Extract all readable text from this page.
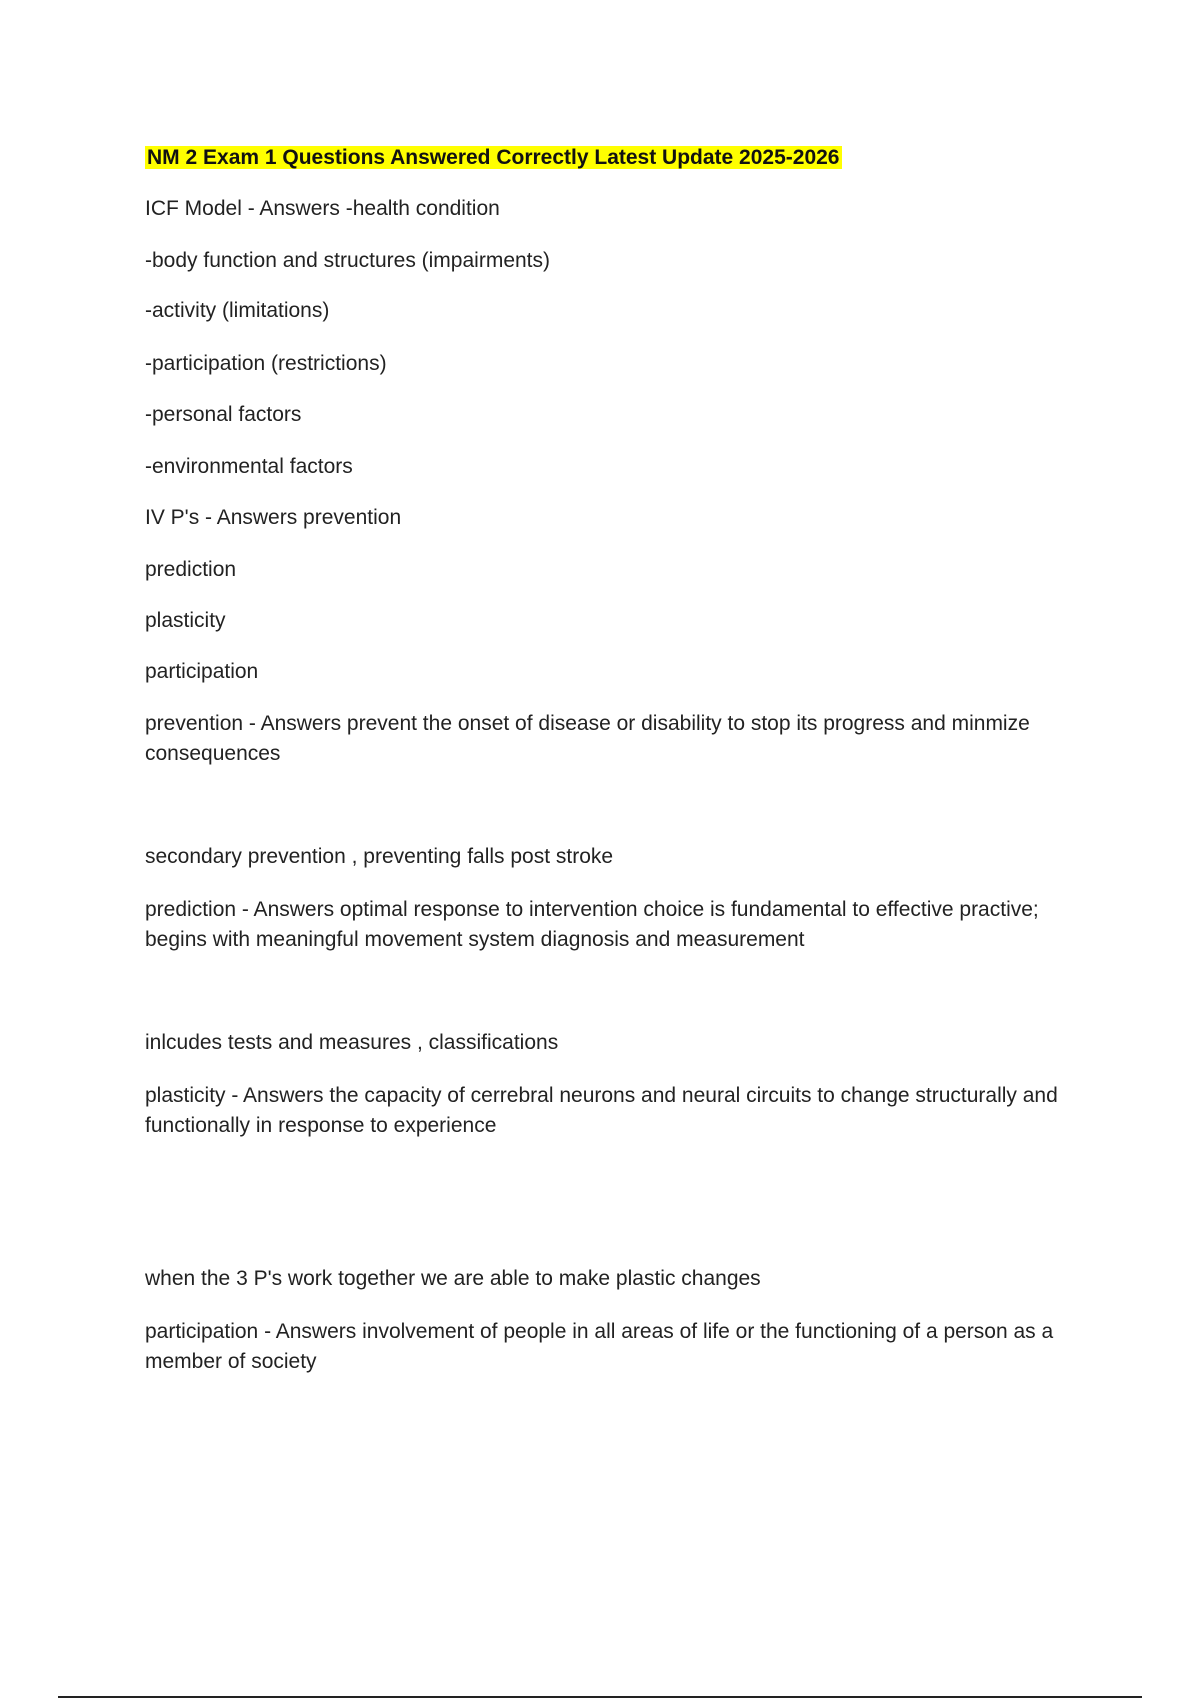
NM 2 Exam 1 Questions Answered Correctly Latest Update 2025-2026
ICF Model - Answers -health condition
-body function and structures (impairments)
-activity (limitations)
-participation (restrictions)
-personal factors
-environmental factors
IV P's - Answers prevention
prediction
plasticity
participation
prevention - Answers prevent the onset of disease or disability to stop its progress and minmize consequences
secondary prevention , preventing falls post stroke
prediction - Answers optimal response to intervention choice is fundamental to effective practive; begins with meaningful movement system diagnosis and measurement
inlcudes tests and measures , classifications
plasticity - Answers the capacity of cerrebral neurons and neural circuits to change structurally and functionally in response to experience
when the 3 P's work together we are able to make plastic changes
participation - Answers involvement of people in all areas of life or the functioning of a person as a member of society
